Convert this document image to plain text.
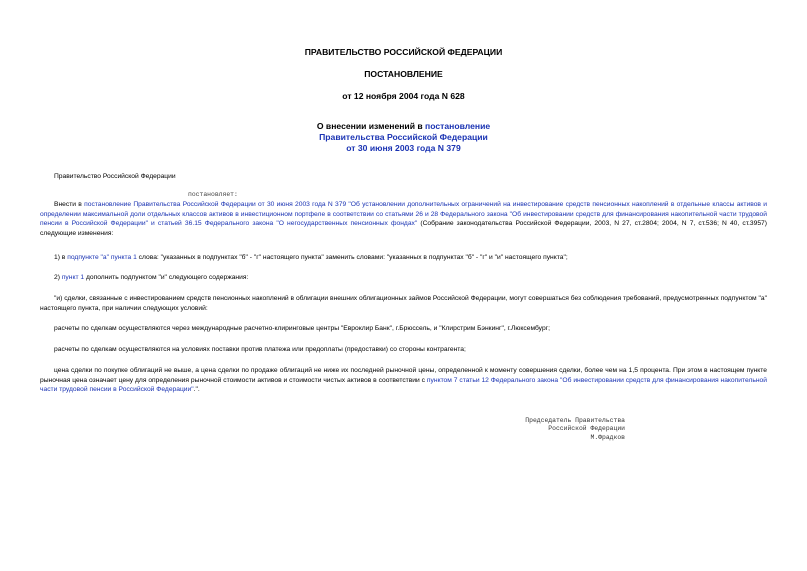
ПРАВИТЕЛЬСТВО РОССИЙСКОЙ ФЕДЕРАЦИИ
ПОСТАНОВЛЕНИЕ
от 12 ноября 2004 года N 628
О внесении изменений в постановление
Правительства Российской Федерации
от 30 июня 2003 года N 379
Правительство Российской Федерации
постановляет:
Внести в постановление Правительства Российской Федерации от 30 июня 2003 года N 379 "Об установлении дополнительных ограничений на инвестирование средств пенсионных накоплений в отдельные классы активов и определении максимальной доли отдельных классов активов в инвестиционном портфеле в соответствии со статьями 26 и 28 Федерального закона "Об инвестировании средств для финансирования накопительной части трудовой пенсии в Российской Федерации" и статьей 36.15 Федерального закона "О негосударственных пенсионных фондах" (Собрание законодательства Российской Федерации, 2003, N 27, ст.2804; 2004, N 7, ст.536; N 40, ст.3957) следующие изменения:
1) в подпункте "а" пункта 1 слова: "указанных в подпунктах "б" - "г" настоящего пункта" заменить словами: "указанных в подпунктах "б" - "г" и "и" настоящего пункта";
2) пункт 1 дополнить подпунктом "и" следующего содержания:
"и) сделки, связанные с инвестированием средств пенсионных накоплений в облигации внешних облигационных займов Российской Федерации, могут совершаться без соблюдения требований, предусмотренных подпунктом "а" настоящего пункта, при наличии следующих условий:
расчеты по сделкам осуществляются через международные расчетно-клиринговые центры "Евроклир Банк", г.Брюссель, и "Клирстрим Бэнкинг", г.Люксембург;
расчеты по сделкам осуществляются на условиях поставки против платежа или предоплаты (предоставки) со стороны контрагента;
цена сделки по покупке облигаций не выше, а цена сделки по продаже облигаций не ниже их последней рыночной цены, определенной к моменту совершения сделки, более чем на 1,5 процента. При этом в настоящем пункте рыночная цена означает цену для определения рыночной стоимости активов и стоимости чистых активов в соответствии с пунктом 7 статьи 12 Федерального закона "Об инвестировании средств для финансирования накопительной части трудовой пенсии в Российской Федерации".".
Председатель Правительства
Российской Федерации
М.Фрадков
